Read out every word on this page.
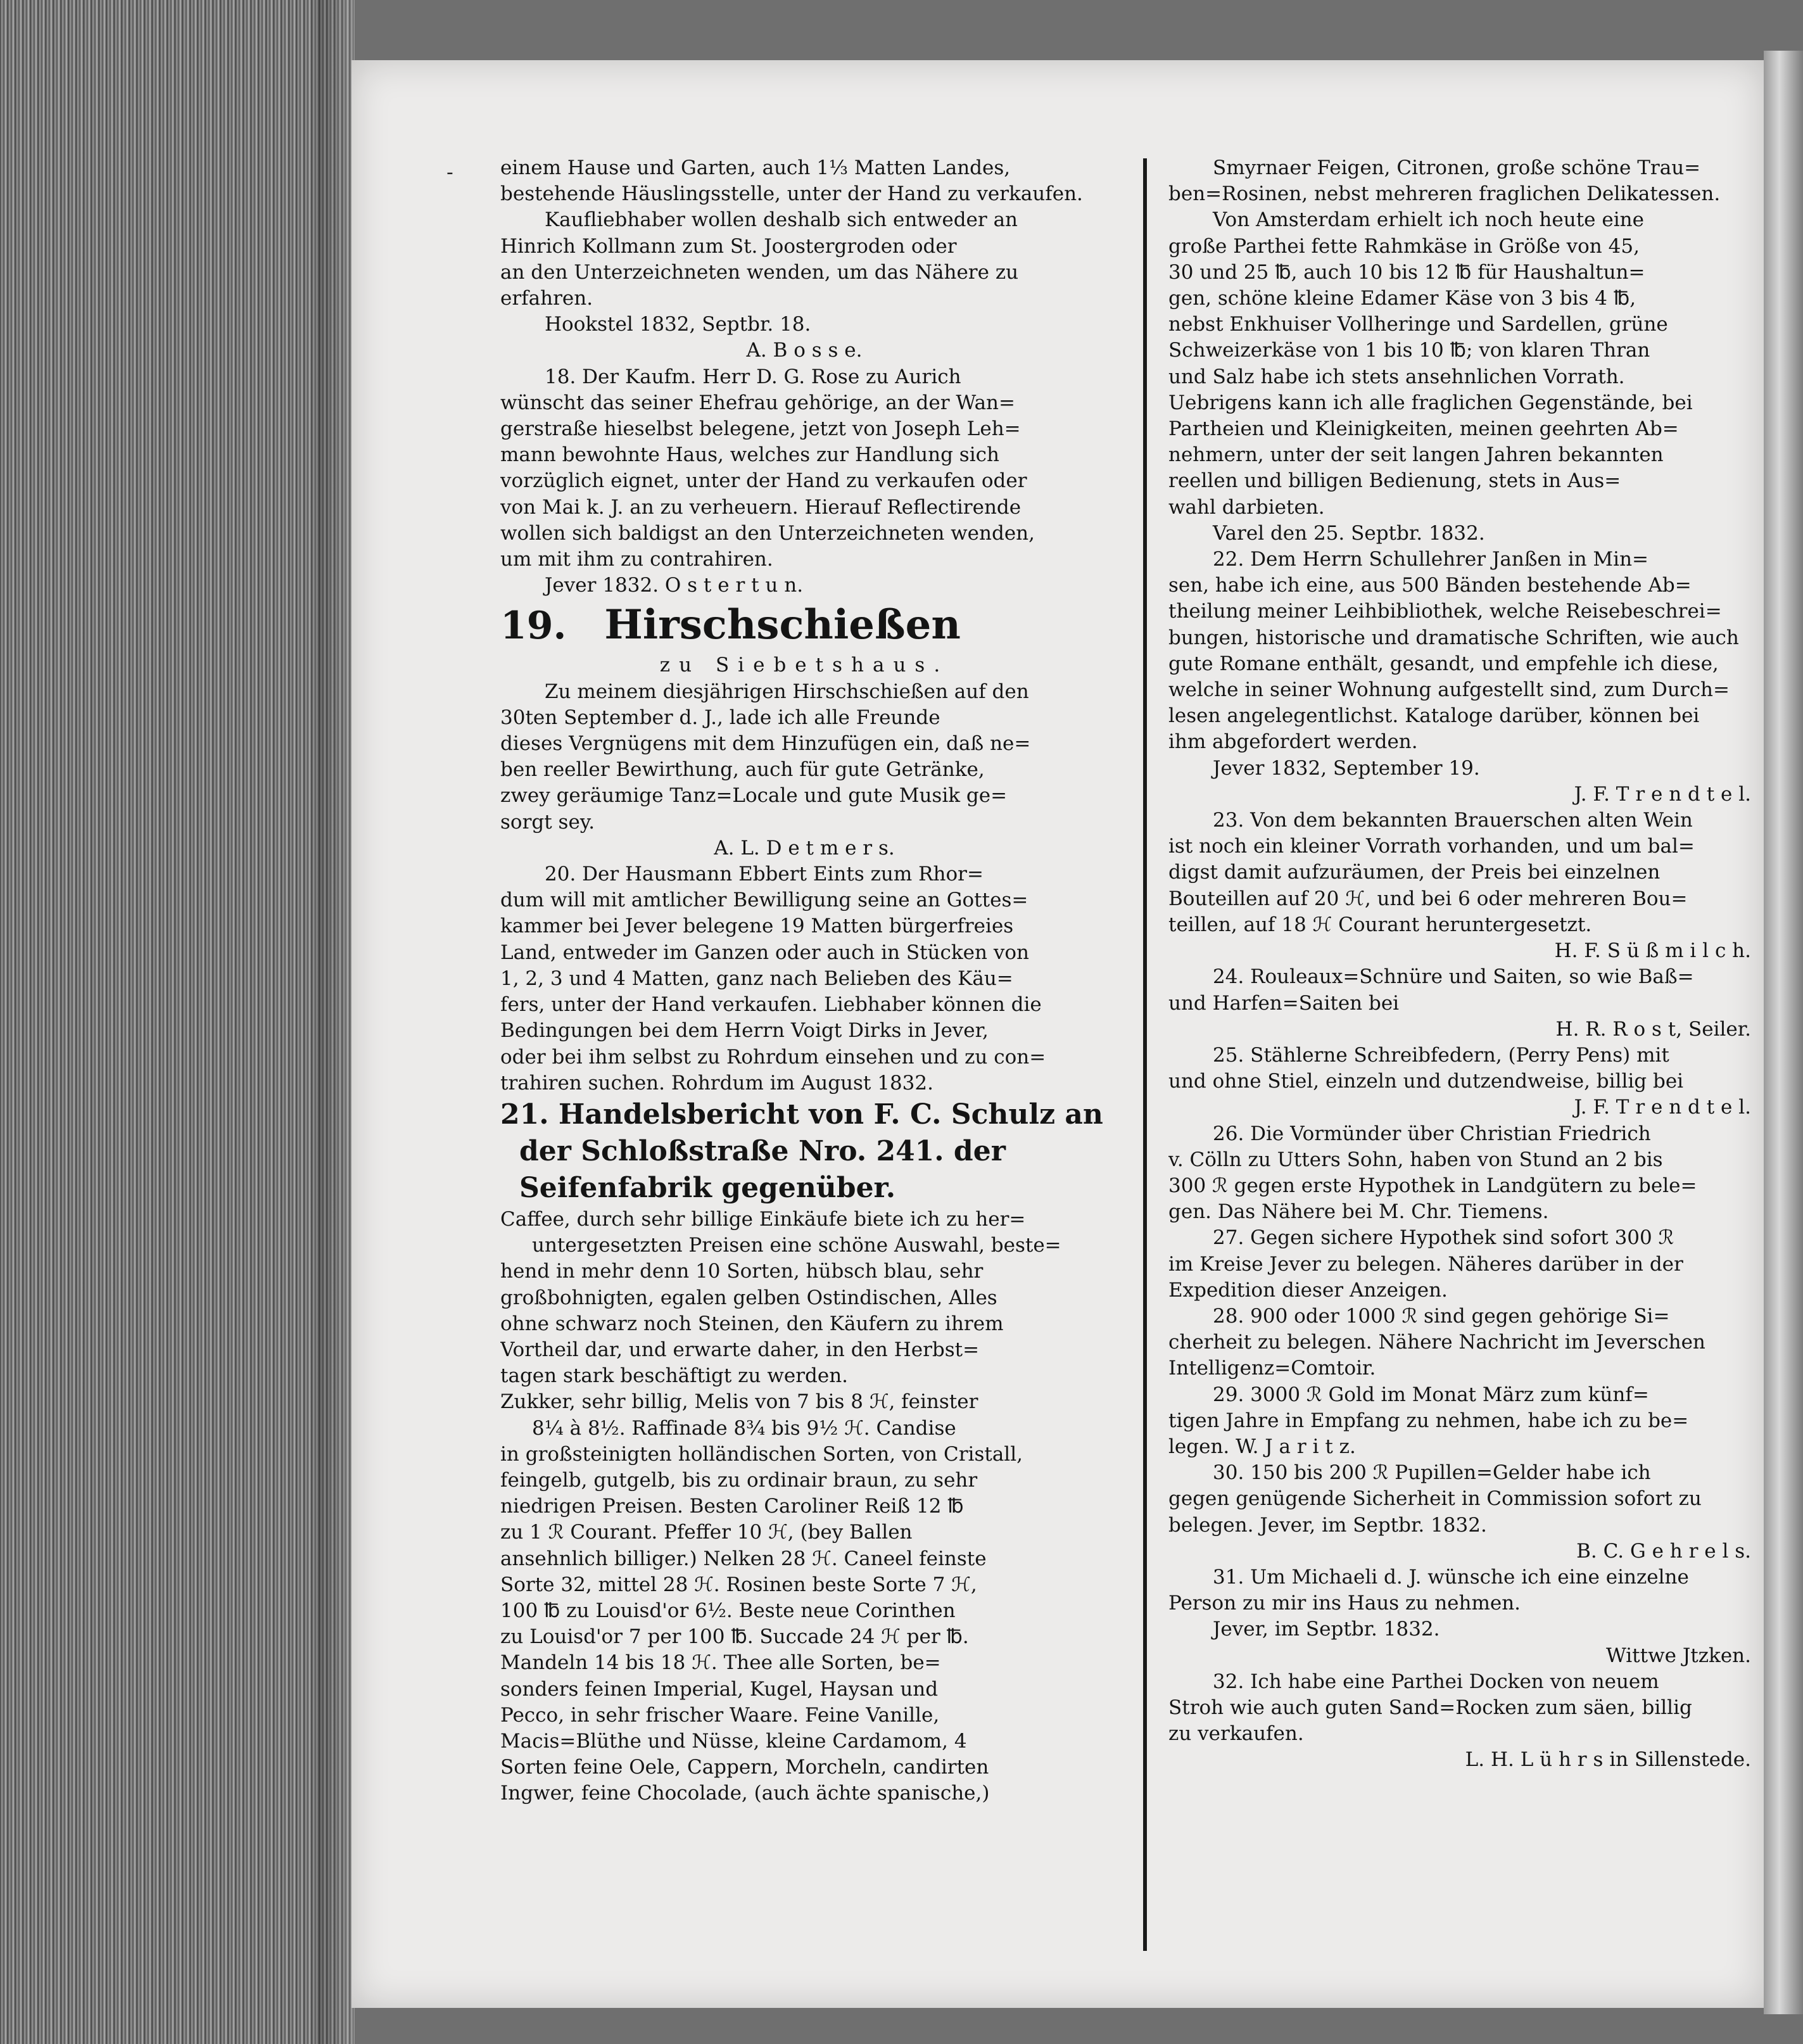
- einem Hause und Garten, auch 1⅓ Matten Landes,

bestehende Häuslingsstelle, unter der Hand zu verkaufen.

Kaufliebhaber wollen deshalb sich entweder an

Hinrich Kollmann zum St. Joostergroden oder

an den Unterzeichneten wenden, um das Nähere zu

erfahren.

Hookstel 1832, Septbr. 18.

A. B o s s e.

18. Der Kaufm. Herr D. G. Rose zu Aurich

wünscht das seiner Ehefrau gehörige, an der Wan=

gerstraße hieselbst belegene, jetzt von Joseph Leh=

mann bewohnte Haus, welches zur Handlung sich

vorzüglich eignet, unter der Hand zu verkaufen oder

von Mai k. J. an zu verheuern. Hierauf Reflectirende

wollen sich baldigst an den Unterzeichneten wenden,

um mit ihm zu contrahiren.

Jever 1832. O s t e r t u n.

19. Hirschschießen

zu Siebetshaus.

Zu meinem diesjährigen Hirschschießen auf den

30ten September d. J., lade ich alle Freunde

dieses Vergnügens mit dem Hinzufügen ein, daß ne=

ben reeller Bewirthung, auch für gute Getränke,

zwey geräumige Tanz=Locale und gute Musik ge=

sorgt sey.

A. L. D e t m e r s.

20. Der Hausmann Ebbert Eints zum Rhor=

dum will mit amtlicher Bewilligung seine an Gottes=

kammer bei Jever belegene 19 Matten bürgerfreies

Land, entweder im Ganzen oder auch in Stücken von

1, 2, 3 und 4 Matten, ganz nach Belieben des Käu=

fers, unter der Hand verkaufen. Liebhaber können die

Bedingungen bei dem Herrn Voigt Dirks in Jever,

oder bei ihm selbst zu Rohrdum einsehen und zu con=

trahiren suchen. Rohrdum im August 1832.

21. Handelsbericht von F. C. Schulz an

der Schloßstraße Nro. 241. der

Seifenfabrik gegenüber.

Caffee, durch sehr billige Einkäufe biete ich zu her=

untergesetzten Preisen eine schöne Auswahl, beste=

hend in mehr denn 10 Sorten, hübsch blau, sehr

großbohnigten, egalen gelben Ostindischen, Alles

ohne schwarz noch Steinen, den Käufern zu ihrem

Vortheil dar, und erwarte daher, in den Herbst=

tagen stark beschäftigt zu werden.

Zukker, sehr billig, Melis von 7 bis 8 ℋ, feinster

8¼ à 8½. Raffinade 8¾ bis 9½ ℋ. Candise

in großsteinigten holländischen Sorten, von Cristall,

feingelb, gutgelb, bis zu ordinair braun, zu sehr

niedrigen Preisen. Besten Caroliner Reiß 12 ℔

zu 1 ℛ Courant. Pfeffer 10 ℋ, (bey Ballen

ansehnlich billiger.) Nelken 28 ℋ. Caneel feinste

Sorte 32, mittel 28 ℋ. Rosinen beste Sorte 7 ℋ,

100 ℔ zu Louisd'or 6½. Beste neue Corinthen

zu Louisd'or 7 per 100 ℔. Succade 24 ℋ per ℔.

Mandeln 14 bis 18 ℋ. Thee alle Sorten, be=

sonders feinen Imperial, Kugel, Haysan und

Pecco, in sehr frischer Waare. Feine Vanille,

Macis=Blüthe und Nüsse, kleine Cardamom, 4

Sorten feine Oele, Cappern, Morcheln, candirten

Ingwer, feine Chocolade, (auch ächte spanische,)

Smyrnaer Feigen, Citronen, große schöne Trau=

ben=Rosinen, nebst mehreren fraglichen Delikatessen.

Von Amsterdam erhielt ich noch heute eine

große Parthei fette Rahmkäse in Größe von 45,

30 und 25 ℔, auch 10 bis 12 ℔ für Haushaltun=

gen, schöne kleine Edamer Käse von 3 bis 4 ℔,

nebst Enkhuiser Vollheringe und Sardellen, grüne

Schweizerkäse von 1 bis 10 ℔; von klaren Thran

und Salz habe ich stets ansehnlichen Vorrath.

Uebrigens kann ich alle fraglichen Gegenstände, bei

Partheien und Kleinigkeiten, meinen geehrten Ab=

nehmern, unter der seit langen Jahren bekannten

reellen und billigen Bedienung, stets in Aus=

wahl darbieten.

Varel den 25. Septbr. 1832.

22. Dem Herrn Schullehrer Janßen in Min=

sen, habe ich eine, aus 500 Bänden bestehende Ab=

theilung meiner Leihbibliothek, welche Reisebeschrei=

bungen, historische und dramatische Schriften, wie auch

gute Romane enthält, gesandt, und empfehle ich diese,

welche in seiner Wohnung aufgestellt sind, zum Durch=

lesen angelegentlichst. Kataloge darüber, können bei

ihm abgefordert werden.

Jever 1832, September 19.

J. F. T r e n d t e l.

23. Von dem bekannten Brauerschen alten Wein

ist noch ein kleiner Vorrath vorhanden, und um bal=

digst damit aufzuräumen, der Preis bei einzelnen

Bouteillen auf 20 ℋ, und bei 6 oder mehreren Bou=

teillen, auf 18 ℋ Courant heruntergesetzt.

H. F. S ü ß m i l c h.

24. Rouleaux=Schnüre und Saiten, so wie Baß=

und Harfen=Saiten bei

H. R. R o s t, Seiler.

25. Stählerne Schreibfedern, (Perry Pens) mit

und ohne Stiel, einzeln und dutzendweise, billig bei

J. F. T r e n d t e l.

26. Die Vormünder über Christian Friedrich

v. Cölln zu Utters Sohn, haben von Stund an 2 bis

300 ℛ gegen erste Hypothek in Landgütern zu bele=

gen. Das Nähere bei M. Chr. Tiemens.

27. Gegen sichere Hypothek sind sofort 300 ℛ

im Kreise Jever zu belegen. Näheres darüber in der

Expedition dieser Anzeigen.

28. 900 oder 1000 ℛ sind gegen gehörige Si=

cherheit zu belegen. Nähere Nachricht im Jeverschen

Intelligenz=Comtoir.

29. 3000 ℛ Gold im Monat März zum künf=

tigen Jahre in Empfang zu nehmen, habe ich zu be=

legen. W. J a r i t z.

30. 150 bis 200 ℛ Pupillen=Gelder habe ich

gegen genügende Sicherheit in Commission sofort zu

belegen. Jever, im Septbr. 1832.

B. C. G e h r e l s.

31. Um Michaeli d. J. wünsche ich eine einzelne

Person zu mir ins Haus zu nehmen.

Jever, im Septbr. 1832.

Wittwe Jtzken.

32. Ich habe eine Parthei Docken von neuem

Stroh wie auch guten Sand=Rocken zum säen, billig

zu verkaufen.

L. H. L ü h r s in Sillenstede.
